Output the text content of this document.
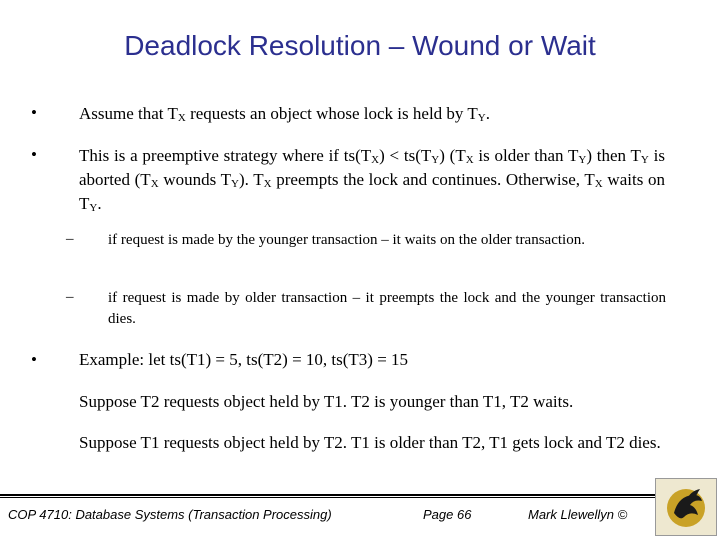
Deadlock Resolution – Wound or Wait
• Assume that $T_X$ requests an object whose lock is held by $T_Y$.
• This is a preemptive strategy where if $ts(T_X) < ts(T_Y)$ ($T_X$ is older than $T_Y$) then $T_Y$ is aborted ($T_X$ wounds $T_Y$). $T_X$ preempts the lock and continues. Otherwise, $T_X$ waits on $T_Y$.
– if request is made by the younger transaction – it waits on the older transaction.
– if request is made by older transaction – it preempts the lock and the younger transaction dies.
• Example: let ts(T1) = 5, ts(T2) = 10, ts(T3) = 15
Suppose T2 requests object held by T1. T2 is younger than T1, T2 waits.
Suppose T1 requests object held by T2. T1 is older than T2, T1 gets lock and T2 dies.
COP 4710: Database Systems (Transaction Processing)	Page 66	Mark Llewellyn ©
